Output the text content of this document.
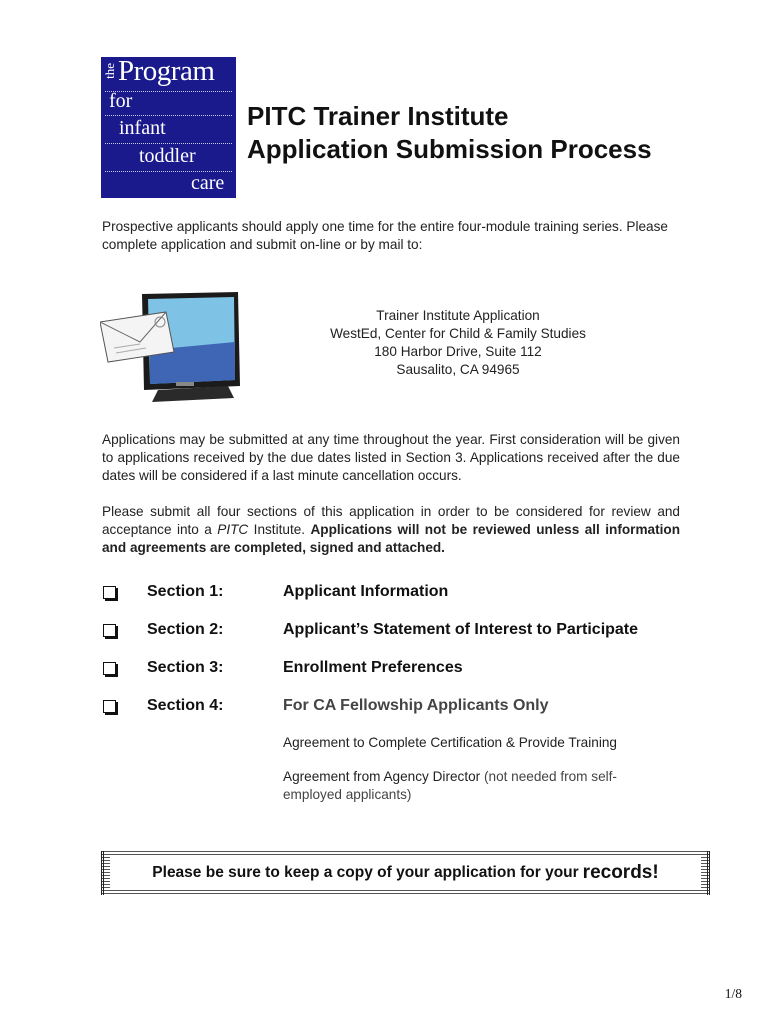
the Program
for
infant
toddler
care
PITC Trainer Institute
Application Submission Process
Prospective applicants should apply one time for the entire four-module training series. Please complete application and submit on-line or by mail to:
Trainer Institute Application
WestEd, Center for Child & Family Studies
180 Harbor Drive, Suite 112
Sausalito, CA 94965
Applications may be submitted at any time throughout the year. First consideration will be given to applications received by the due dates listed in Section 3. Applications received after the due dates will be considered if a last minute cancellation occurs.
Please submit all four sections of this application in order to be considered for review and acceptance into a PITC Institute. Applications will not be reviewed unless all information and agreements are completed, signed and attached.
Section 1:	Applicant Information
Section 2:	Applicant’s Statement of Interest to Participate
Section 3:	Enrollment Preferences
Section 4:	For CA Fellowship Applicants Only
Agreement to Complete Certification & Provide Training
Agreement from Agency Director (not needed from self-employed applicants)
Please be sure to keep a copy of your application for your records!
1/8
